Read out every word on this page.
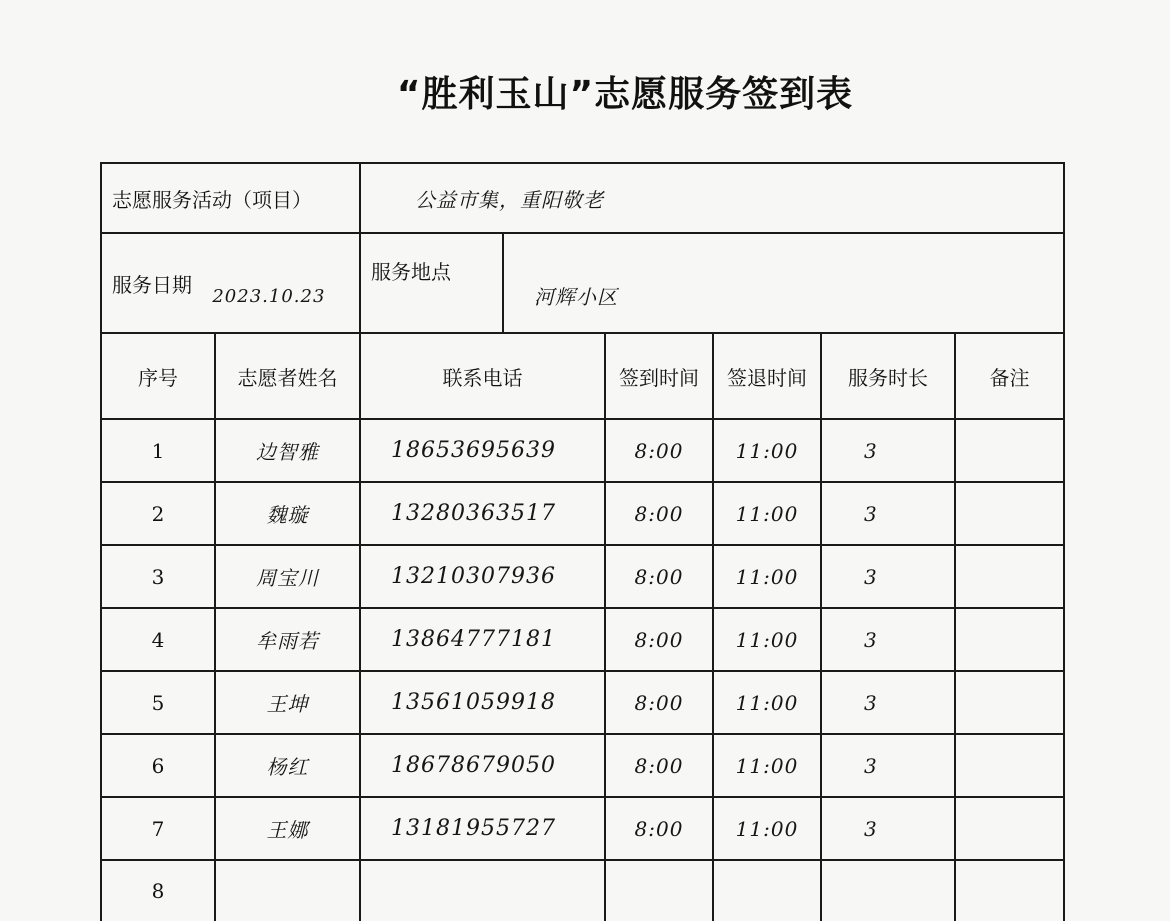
“胜利玉山”志愿服务签到表
志愿服务活动（项目）		公益市集，重阳敬老					
服务日期 2023.10.23		服务地点	河辉小区				
序号	志愿者姓名	联系电话		签到时间	签退时间	服务时长	备注
1	边智雅	18653695639		8:00	11:00	3	
2	魏璇	13280363517		8:00	11:00	3	
3	周宝川	13210307936		8:00	11:00	3	
4	牟雨若	13864777181		8:00	11:00	3	
5	王坤	13561059918		8:00	11:00	3	
6	杨红	18678679050		8:00	11:00	3	
7	王娜	13181955727		8:00	11:00	3	
8							
